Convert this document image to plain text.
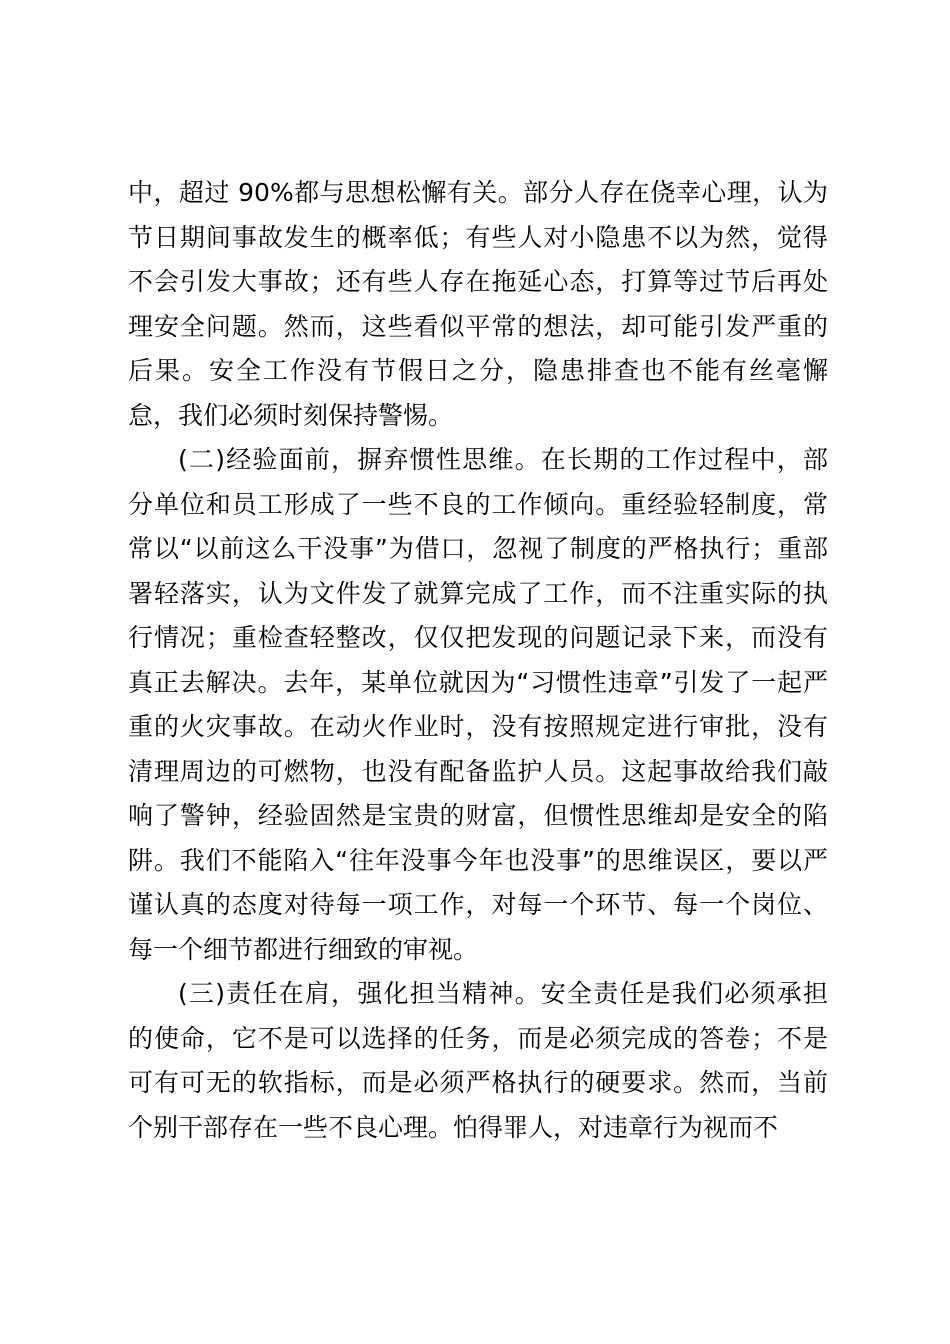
中，超过 90%都与思想松懈有关。部分人存在侥幸心理，认为
节日期间事故发生的概率低；有些人对小隐患不以为然，觉得
不会引发大事故；还有些人存在拖延心态，打算等过节后再处
理安全问题。然而，这些看似平常的想法，却可能引发严重的
后果。安全工作没有节假日之分，隐患排查也不能有丝毫懈
怠，我们必须时刻保持警惕。
(二)经验面前，摒弃惯性思维。在长期的工作过程中，部
分单位和员工形成了一些不良的工作倾向。重经验轻制度，常
常以“以前这么干没事”为借口，忽视了制度的严格执行；重部
署轻落实，认为文件发了就算完成了工作，而不注重实际的执
行情况；重检查轻整改，仅仅把发现的问题记录下来，而没有
真正去解决。去年，某单位就因为“习惯性违章”引发了一起严
重的火灾事故。在动火作业时，没有按照规定进行审批，没有
清理周边的可燃物，也没有配备监护人员。这起事故给我们敲
响了警钟，经验固然是宝贵的财富，但惯性思维却是安全的陷
阱。我们不能陷入“往年没事今年也没事”的思维误区，要以严
谨认真的态度对待每一项工作，对每一个环节、每一个岗位、
每一个细节都进行细致的审视。
(三)责任在肩，强化担当精神。安全责任是我们必须承担
的使命，它不是可以选择的任务，而是必须完成的答卷；不是
可有可无的软指标，而是必须严格执行的硬要求。然而，当前
个别干部存在一些不良心理。怕得罪人，对违章行为视而不
